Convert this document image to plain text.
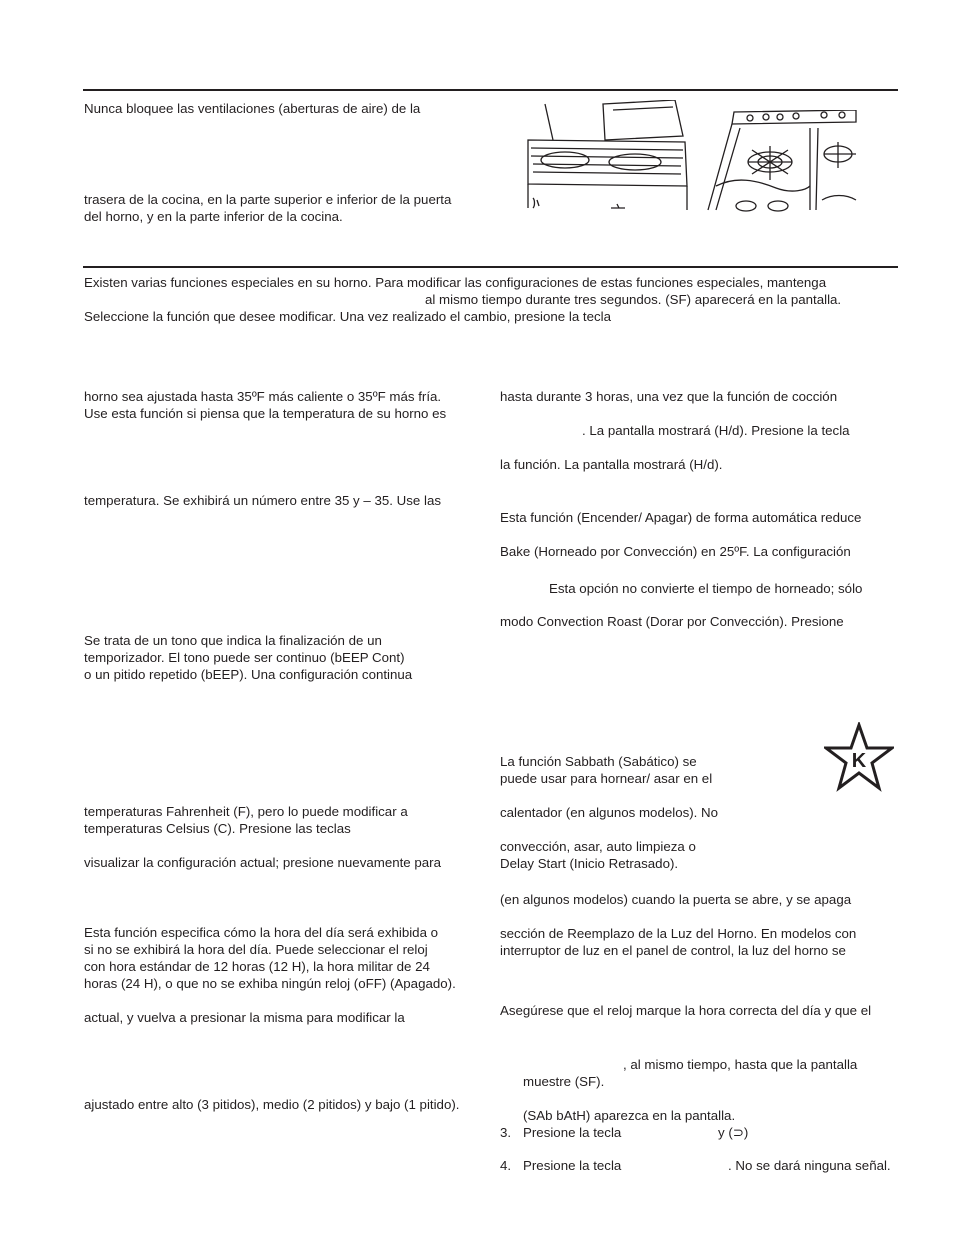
Nunca bloquee las ventilaciones (aberturas de aire) de la
trasera de la cocina, en la parte superior e inferior de la puerta
del horno, y en la parte inferior de la cocina.
Existen varias funciones especiales en su horno. Para modificar las configuraciones de estas funciones especiales, mantenga
al mismo tiempo durante tres segundos. (SF) aparecerá en la pantalla.
Seleccione la función que desee modificar. Una vez realizado el cambio, presione la tecla
horno sea ajustada hasta 35ºF más caliente o 35ºF más fría.
Use esta función si piensa que la temperatura de su horno es
temperatura. Se exhibirá un número entre 35 y – 35. Use las
Se trata de un tono que indica la finalización de un
temporizador. El tono puede ser continuo (bEEP Cont)
o un pitido repetido (bEEP). Una configuración continua
temperaturas Fahrenheit (F), pero lo puede modificar a
temperaturas Celsius (C). Presione las teclas
visualizar la configuración actual; presione nuevamente para
Esta función especifica cómo la hora del día será exhibida o
si no se exhibirá la hora del día. Puede seleccionar el reloj
con hora estándar de 12 horas (12 H), la hora militar de 24
horas (24 H), o que no se exhiba ningún reloj (oFF) (Apagado).
actual, y vuelva a presionar la misma para modificar la
ajustado entre alto (3 pitidos), medio (2 pitidos) y bajo (1 pitido).
hasta durante 3 horas, una vez que la función de cocción
. La pantalla mostrará (H/d). Presione la tecla
la función. La pantalla mostrará (H/d).
Esta función (Encender/ Apagar) de forma automática reduce
Bake (Horneado por Convección) en 25ºF. La configuración
Esta opción no convierte el tiempo de horneado; sólo
modo Convection Roast (Dorar por Convección). Presione
La función Sabbath (Sabático) se
puede usar para hornear/ asar en el
calentador (en algunos modelos). No
convección, asar, auto limpieza o
Delay Start (Inicio Retrasado).
K
(en algunos modelos) cuando la puerta se abre, y se apaga
sección de Reemplazo de la Luz del Horno. En modelos con
interruptor de luz en el panel de control, la luz del horno se
Asegúrese que el reloj marque la hora correcta del día y que el
, al mismo tiempo, hasta que la pantalla
muestre (SF).
(SAb bAtH) aparezca en la pantalla.
3. Presione la tecla	y (⊃)
4. Presione la tecla	. No se dará ninguna señal.
